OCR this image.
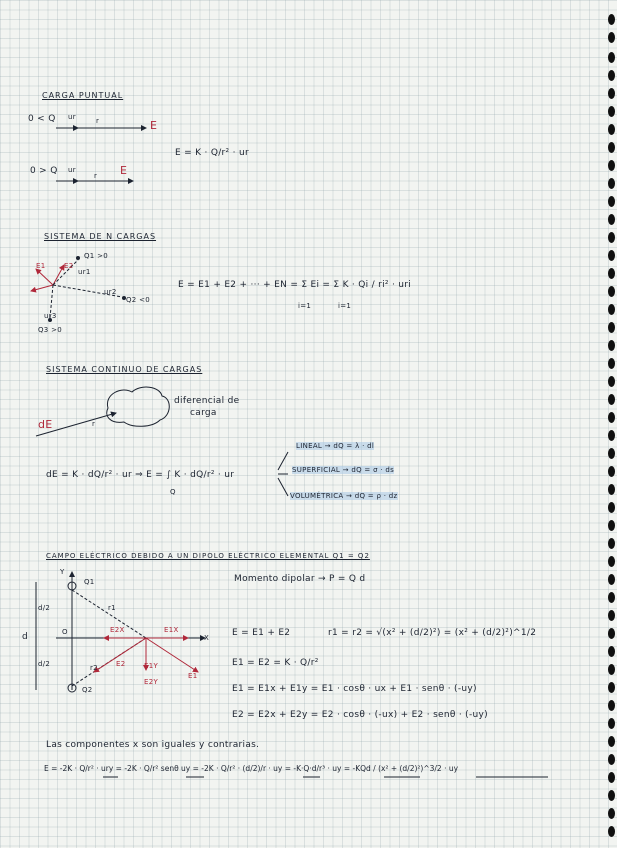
CARGA PUNTUAL
0 < Q ur	r	E
0 > Q ur
r E
E = K · Q/r² · ur
SISTEMA DE N CARGAS
Q1 >0
Q2 <0
Q3 >0
E1	E2
ur1
ur2
ur3
E = E1 + E2 + ··· + EN = Σ Ei = Σ K · Qi / ri² · uri
i=1	i=1
SISTEMA CONTINUO DE CARGAS
dE	r
diferencial de
carga
dE = K · dQ/r² · ur ⇒ E = ∫ K · dQ/r² · ur
Q
LINEAL → dQ = λ · dl
SUPERFICIAL → dQ = σ · ds
VOLUMÉTRICA → dQ = ρ · dz
CAMPO ELÉCTRICO DEBIDO A UN DIPOLO ELÉCTRICO ELEMENTAL Q1 = Q2
Momento dipolar → P = Q d
Y
X
d
d/2
d/2
O
Q1
Q2
r1
r2
E1
E2
E1X
E2X
E1Y
E2Y
E = E1 + E2	r1 = r2 = √(x² + (d/2)²) = (x² + (d/2)²)^1/2
E1 = E2 = K · Q/r²
E1 = E1x + E1y = E1 · cosθ · ux + E1 · senθ · (-uy)
E2 = E2x + E2y = E2 · cosθ · (-ux) + E2 · senθ · (-uy)
Las componentes x son iguales y contrarias.
E = -2K · Q/r² · ury = -2K · Q/r² senθ uy = -2K · Q/r² · (d/2)/r · uy = -K·Q·d/r³ · uy = -KQd / (x² + (d/2)²)^3/2 · uy
